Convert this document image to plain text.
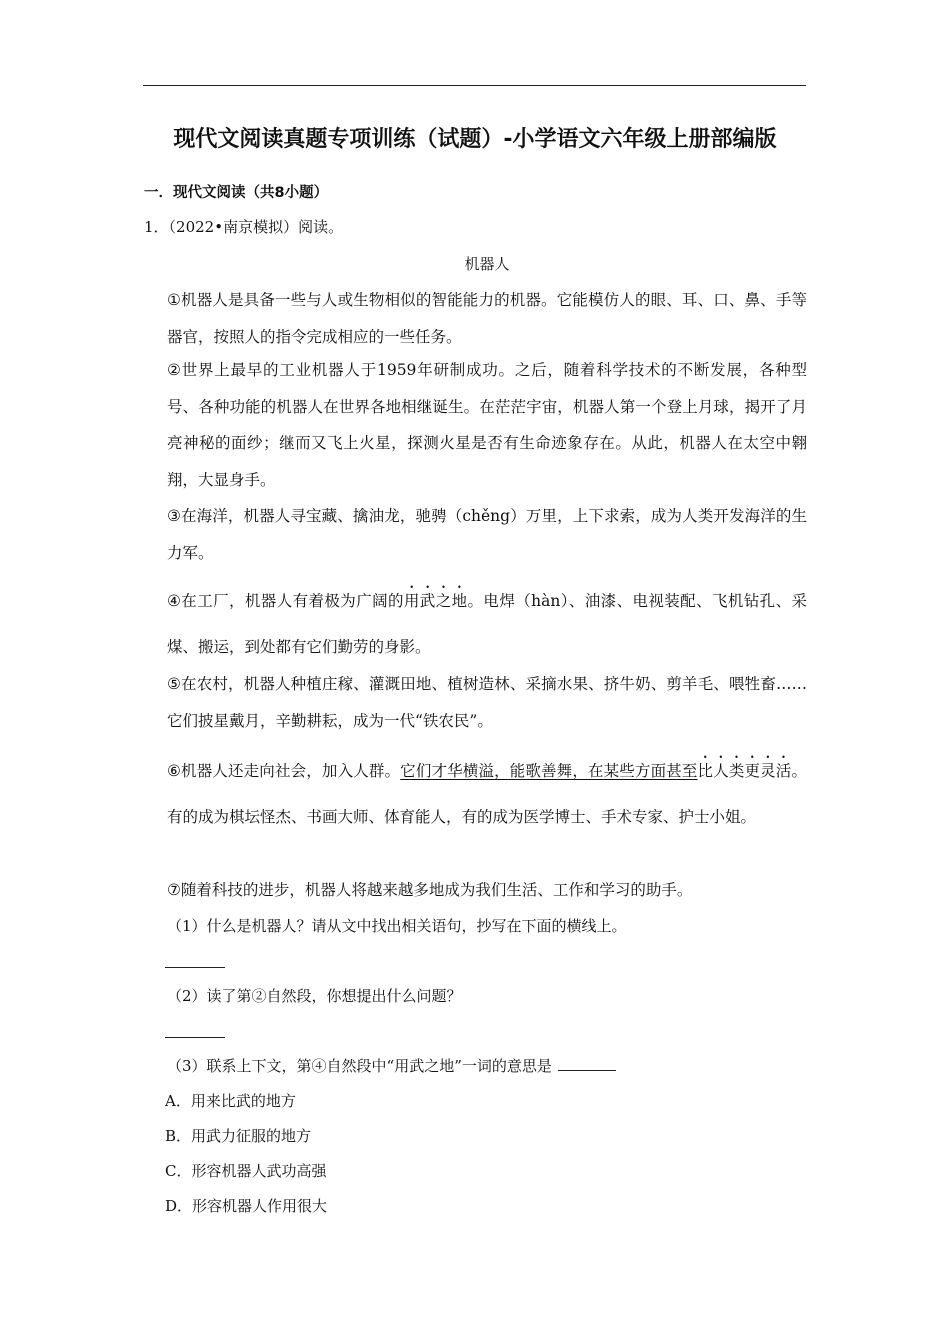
现代文阅读真题专项训练（试题）-小学语文六年级上册部编版
一．现代文阅读（共8小题）
1．（2022•南京模拟）阅读。
机器人
①机器人是具备一些与人或生物相似的智能能力的机器。它能模仿人的眼、耳、口、鼻、手等器官，按照人的指令完成相应的一些任务。
②世界上最早的工业机器人于1959年研制成功。之后，随着科学技术的不断发展，各种型号、各种功能的机器人在世界各地相继诞生。在茫茫宇宙，机器人第一个登上月球，揭开了月亮神秘的面纱；继而又飞上火星，探测火星是否有生命迹象存在。从此，机器人在太空中翱翔，大显身手。
③在海洋，机器人寻宝藏、擒油龙，驰骋（chěng）万里，上下求索，成为人类开发海洋的生力军。
④在工厂，机器人有着极为广阔的用武之地。电焊（hàn）、油漆、电视装配、飞机钻孔、采煤、搬运，到处都有它们勤劳的身影。
⑤在农村，机器人种植庄稼、灌溉田地、植树造林、采摘水果、挤牛奶、剪羊毛、喂牲畜……它们披星戴月，辛勤耕耘，成为一代“铁农民”。
⑥机器人还走向社会，加入人群。它们才华横溢，能歌善舞，在某些方面甚至比人类更灵活。有的成为棋坛怪杰、书画大师、体育能人，有的成为医学博士、手术专家、护士小姐。
⑦随着科技的进步，机器人将越来越多地成为我们生活、工作和学习的助手。
（1）什么是机器人？请从文中找出相关语句，抄写在下面的横线上。
（2）读了第②自然段，你想提出什么问题？
（3）联系上下文，第④自然段中“用武之地”一词的意思是
A．用来比武的地方
B．用武力征服的地方
C．形容机器人武功高强
D．形容机器人作用很大
